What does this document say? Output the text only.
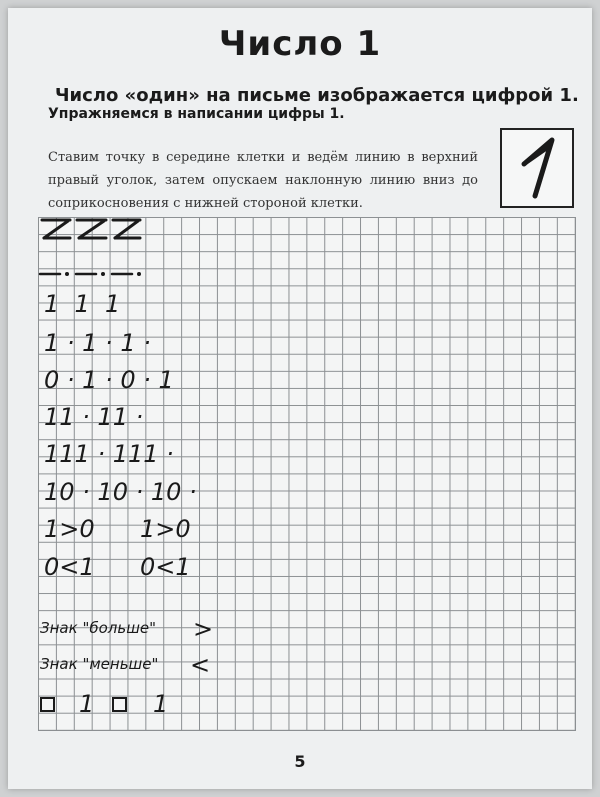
Число 1
Число «один» на письме изображается цифрой 1.
Упражняемся в написании цифры 1.
Ставим точку в середине клетки и ведём линию в верхний правый уголок, затем опускаем наклонную линию вниз до соприкосновения с нижней стороной клетки.
1  1  1
1 · 1 · 1 ·
0 · 1 · 0 · 1
11 · 11 ·
111 · 111 ·
10 · 10 · 10 ·
1>0 1>0
0<1 0<1
Знак "больше" >
Знак "меньше" <
1 1
5
